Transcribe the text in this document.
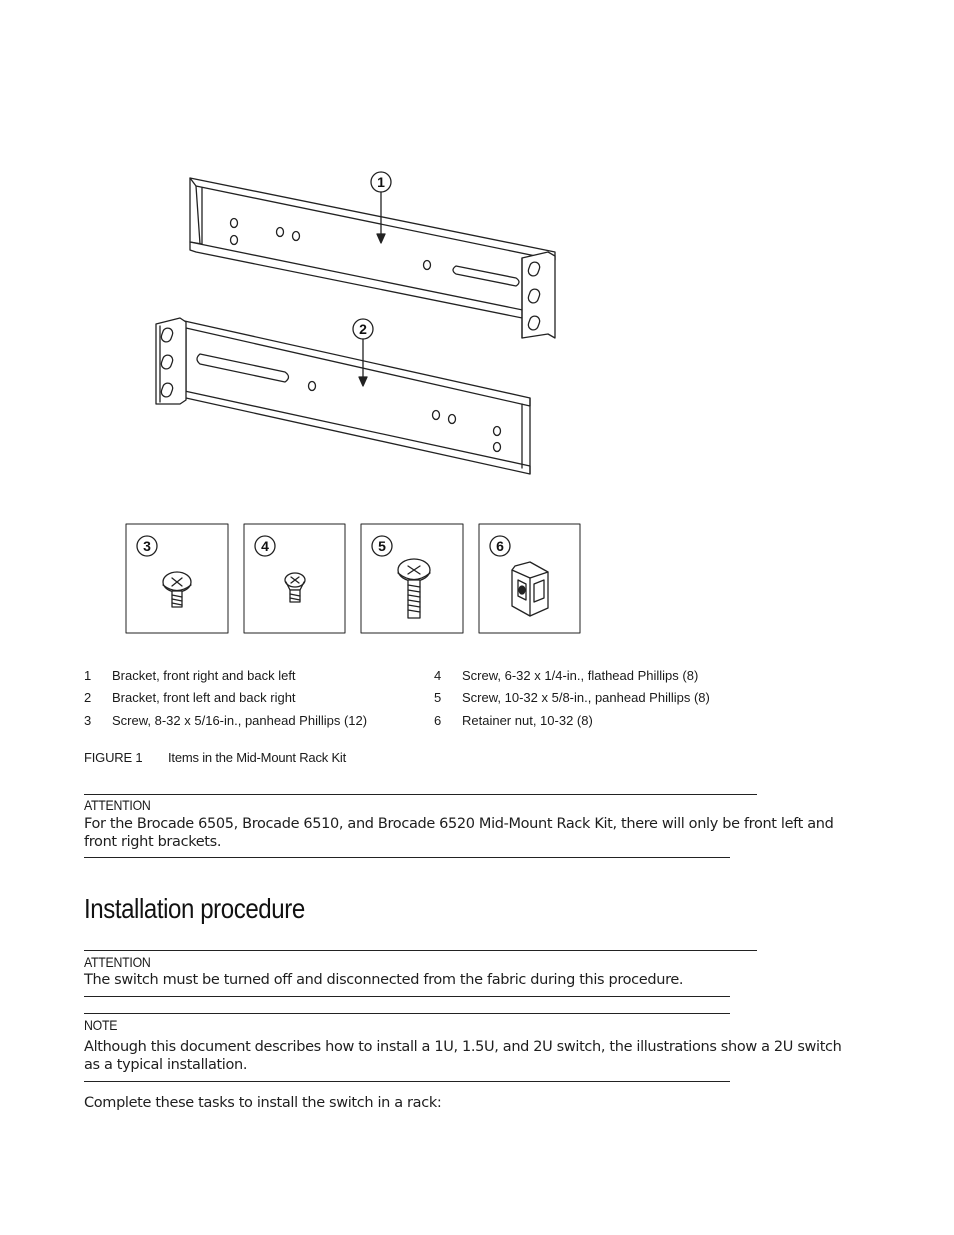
1
2
3	4	5	6
1 Bracket, front right and back left
2 Bracket, front left and back right
3 Screw, 8-32 x 5/16-in., panhead Phillips (12)
4 Screw, 6-32 x 1/4-in., flathead Phillips (8)
5 Screw, 10-32 x 5/8-in., panhead Phillips (8)
6 Retainer nut, 10-32 (8)
FIGURE 1 Items in the Mid-Mount Rack Kit
ATTENTION
For the Brocade 6505, Brocade 6510, and Brocade 6520 Mid-Mount Rack Kit, there will only be front left and front right brackets.
Installation procedure
ATTENTION
The switch must be turned off and disconnected from the fabric during this procedure.
NOTE
Although this document describes how to install a 1U, 1.5U, and 2U switch, the illustrations show a 2U switch as a typical installation.
Complete these tasks to install the switch in a rack:
